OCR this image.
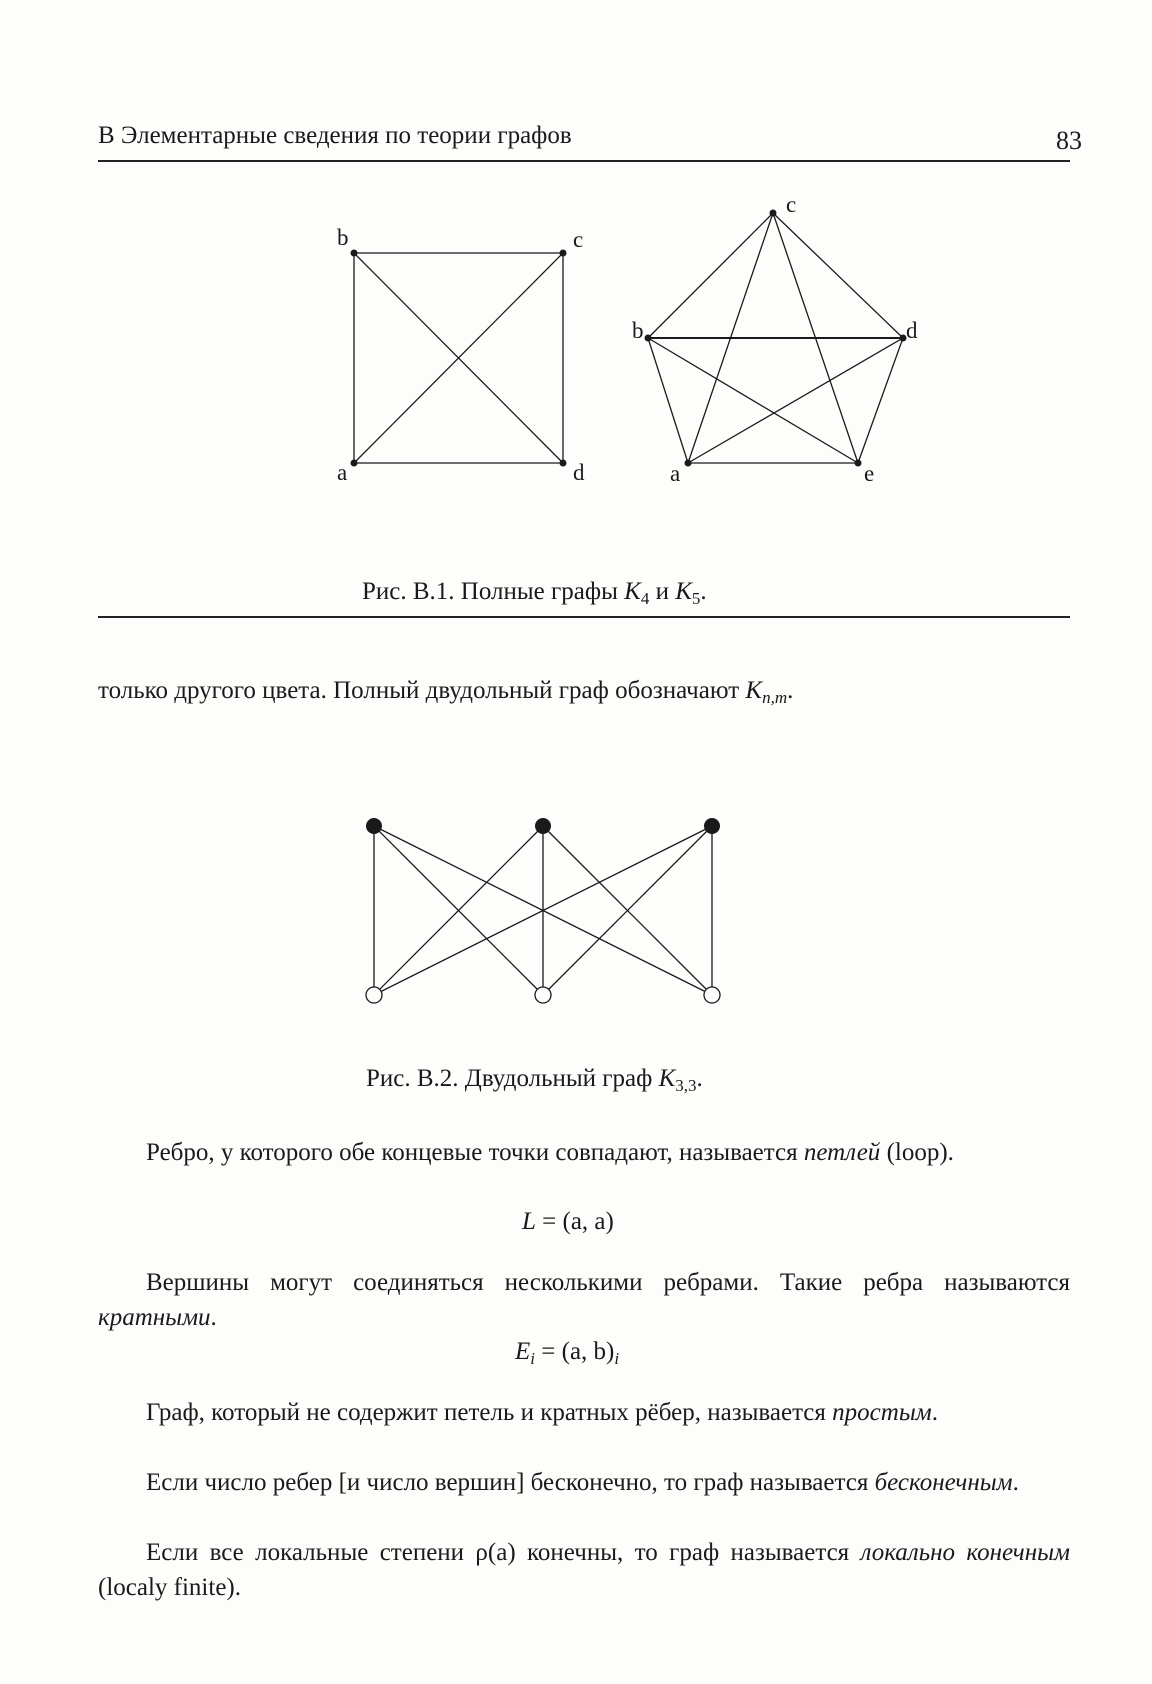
В Элементарные сведения по теории графов	83
b	c
a	d
c
b	d
a	e
Рис. В.1. Полные графы $K_4$ и $K_5$.
только другого цвета. Полный двудольный граф обозначают $K_{n,m}$.
Рис. В.2. Двудольный граф $K_{3,3}$.
Ребро, у которого обе концевые точки совпадают, называется петлей (loop).
L = (a, a)
Вершины могут соединяться несколькими ребрами. Такие ребра называются кратными.
$E_i = (a$, $b)_i$
Граф, который не содержит петель и кратных рёбер, называется простым.
Если число ребер [и число вершин] бесконечно, то граф называется бесконечным.
Если все локальные степени ρ(a) конечны, то граф называется локально конечным (localy finite).
